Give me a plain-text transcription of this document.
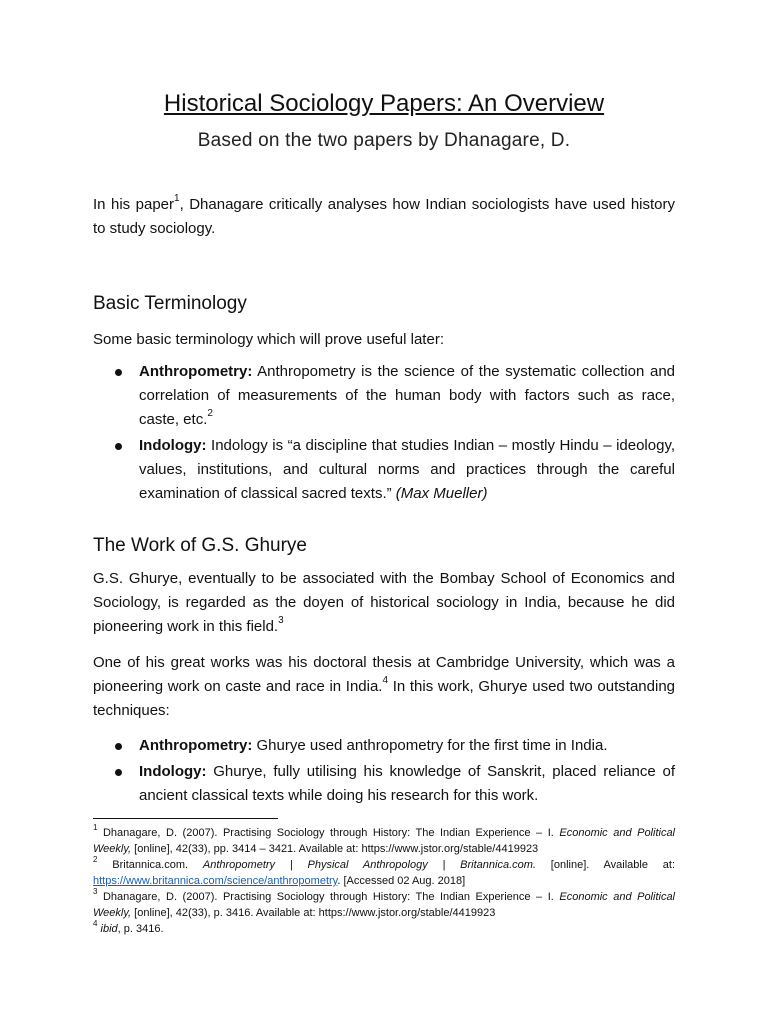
Historical Sociology Papers: An Overview
Based on the two papers by Dhanagare, D.

In his paper$^1$, Dhanagare critically analyses how Indian sociologists have used history to study sociology.

Basic Terminology

Some basic terminology which will prove useful later:

Anthropometry: Anthropometry is the science of the systematic collection and correlation of measurements of the human body with factors such as race, caste, etc.$^2$
Indology: Indology is “a discipline that studies Indian – mostly Hindu – ideology, values, institutions, and cultural norms and practices through the careful examination of classical sacred texts.” (Max Mueller)
The Work of G.S. Ghurye

G.S. Ghurye, eventually to be associated with the Bombay School of Economics and Sociology, is regarded as the doyen of historical sociology in India, because he did pioneering work in this field.$^3$

One of his great works was his doctoral thesis at Cambridge University, which was a pioneering work on caste and race in India.$^4$ In this work, Ghurye used two outstanding techniques:

Anthropometry: Ghurye used anthropometry for the first time in India.
Indology: Ghurye, fully utilising his knowledge of Sanskrit, placed reliance of ancient classical texts while doing his research for this work.

$^1$ Dhanagare, D. (2007). Practising Sociology through History: The Indian Experience – I. Economic and Political Weekly, [online], 42(33), pp. 3414 – 3421. Available at: https://www.jstor.org/stable/4419923

$^2$ Britannica.com. Anthropometry | Physical Anthropology | Britannica.com. [online]. Available at: https://www.britannica.com/science/anthropometry. [Accessed 02 Aug. 2018]

$^3$ Dhanagare, D. (2007). Practising Sociology through History: The Indian Experience – I. Economic and Political Weekly, [online], 42(33), p. 3416. Available at: https://www.jstor.org/stable/4419923

$^4$ ibid, p. 3416.
